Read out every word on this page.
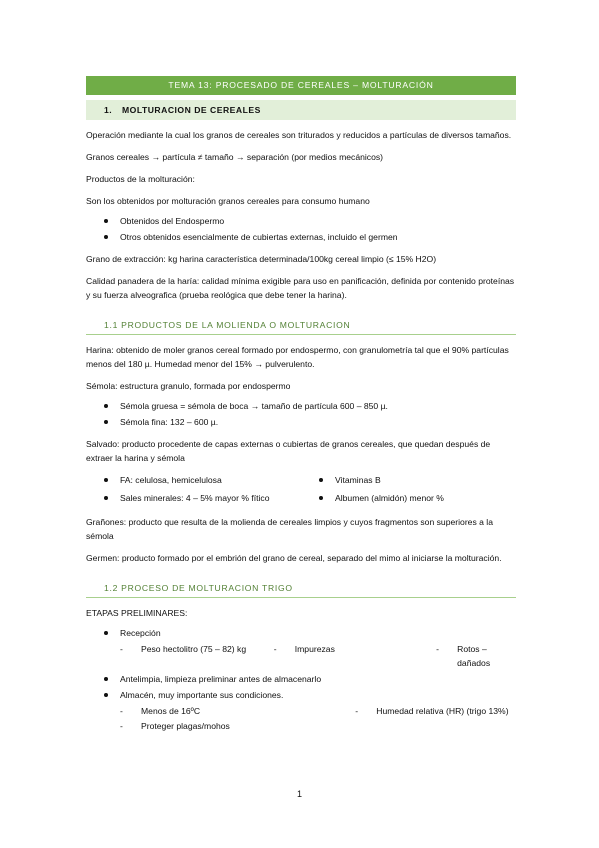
TEMA 13: PROCESADO DE CEREALES – MOLTURACIÓN
1. MOLTURACION DE CEREALES

Operación mediante la cual los granos de cereales son triturados y reducidos a partículas de diversos tamaños.

Granos cereales → partícula ≠ tamaño → separación (por medios mecánicos)

Productos de la molturación:

Son los obtenidos por molturación granos cereales para consumo humano

Obtenidos del Endospermo
Otros obtenidos esencialmente de cubiertas externas, incluido el germen

Grano de extracción: kg harina característica determinada/100kg cereal limpio (≤ 15% H2O)

Calidad panadera de la haría: calidad mínima exigible para uso en panificación, definida por contenido proteínas y su fuerza alveografica (prueba reológica que debe tener la harina).

1.1 PRODUCTOS DE LA MOLIENDA O MOLTURACION

Harina: obtenido de moler granos cereal formado por endospermo, con granulometría tal que el 90% partículas menos del 180 µ. Humedad menor del 15% → pulverulento.

Sémola: estructura granulo, formada por endospermo

Sémola gruesa = sémola de boca → tamaño de partícula 600 – 850 µ.
Sémola fina: 132 – 600 µ.

Salvado: producto procedente de capas externas o cubiertas de granos cereales, que quedan después de extraer la harina y sémola

FA: celulosa, hemicelulosa	Vitaminas B
Sales minerales: 4 – 5% mayor % fítico	Albumen (almidón) menor %

Grañones: producto que resulta de la molienda de cereales limpios y cuyos fragmentos son superiores a la sémola

Germen: producto formado por el embrión del grano de cereal, separado del mimo al iniciarse la molturación.

1.2 PROCESO DE MOLTURACION TRIGO

ETAPAS PRELIMINARES:

Recepción
- Peso hectolitro (75 – 82) kg	- Impurezas	- Rotos – dañados
Antelimpia, limpieza preliminar antes de almacenarlo
Almacén, muy importante sus condiciones.
- Menos de 16ºC	- Humedad relativa (HR) (trigo 13%)
- Proteger plagas/mohos
1
